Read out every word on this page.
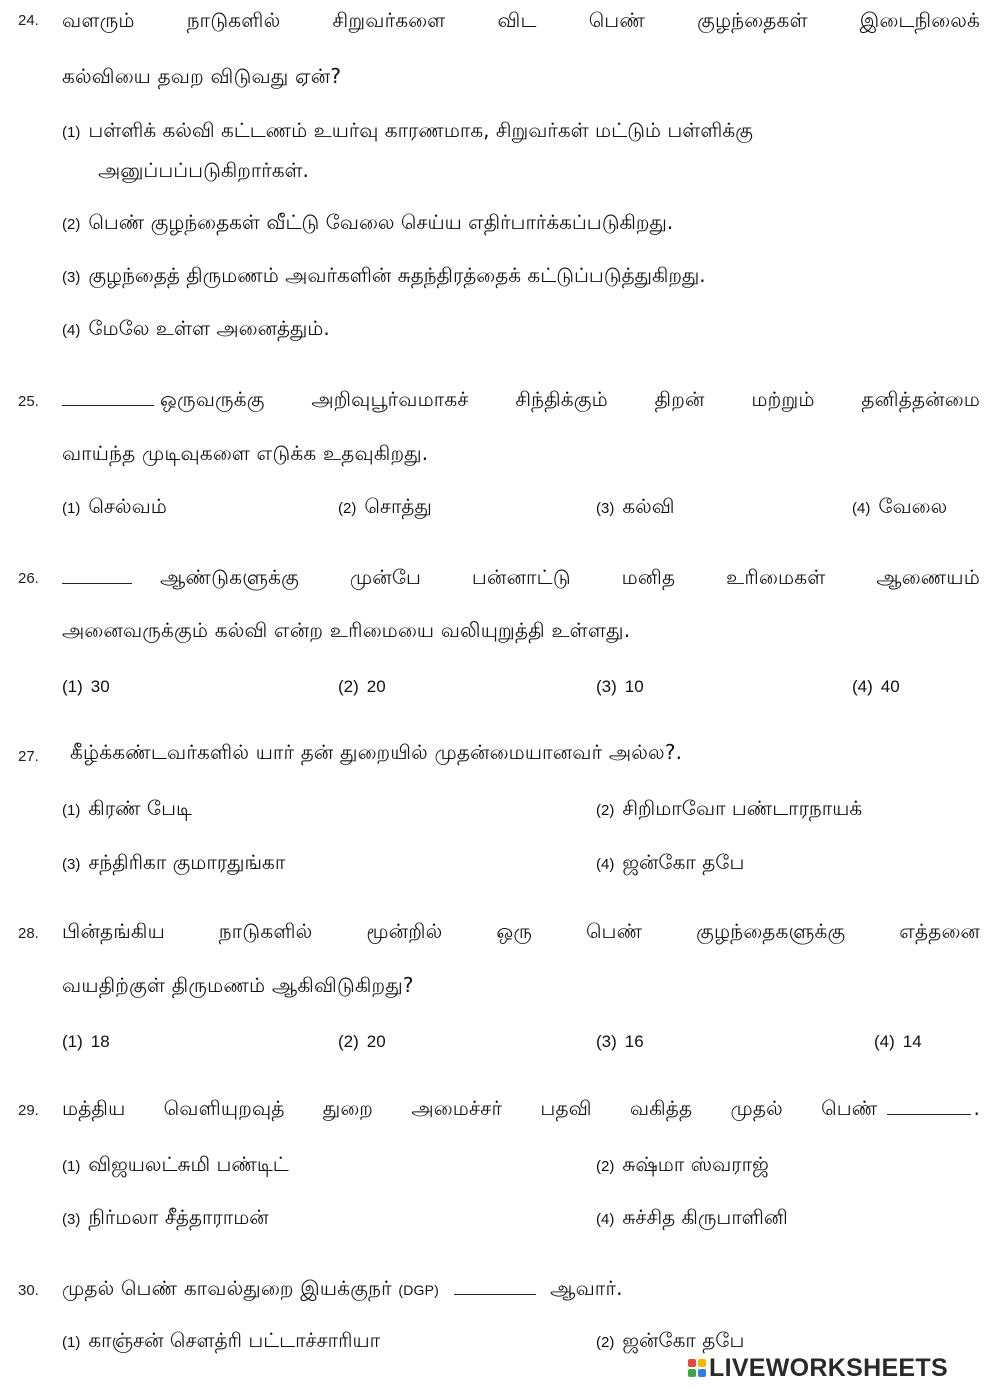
24. வளரும் நாடுகளில் சிறுவர்களை விட பெண் குழந்தைகள் இடைநிலைக்
கல்வியை தவற விடுவது ஏன்?
(1) பள்ளிக் கல்வி கட்டணம் உயர்வு காரணமாக, சிறுவர்கள் மட்டும் பள்ளிக்கு
அனுப்பப்படுகிறார்கள்.
(2) பெண் குழந்தைகள் வீட்டு வேலை செய்ய எதிர்பார்க்கப்படுகிறது.
(3) குழந்தைத் திருமணம் அவர்களின் சுதந்திரத்தைக் கட்டுப்படுத்துகிறது.
(4) மேலே உள்ள அனைத்தும்.
25.	ஒருவருக்கு அறிவுபூர்வமாகச் சிந்திக்கும் திறன் மற்றும் தனித்தன்மை
வாய்ந்த முடிவுகளை எடுக்க உதவுகிறது.
(1) செல்வம்	(2) சொத்து	(3) கல்வி	(4) வேலை
26.	ஆண்டுகளுக்கு முன்பே பன்னாட்டு மனித உரிமைகள் ஆணையம்
அனைவருக்கும் கல்வி என்ற உரிமையை வலியுறுத்தி உள்ளது.
(1) 30	(2) 20	(3) 10	(4) 40
27. கீழ்க்கண்டவர்களில் யார் தன் துறையில் முதன்மையானவர் அல்ல?.
(1) கிரண் பேடி	(2) சிறிமாவோ பண்டாரநாயக்
(3) சந்திரிகா குமாரதுங்கா	(4) ஜன்கோ தபே
28. பின்தங்கிய நாடுகளில் மூன்றில் ஒரு பெண் குழந்தைகளுக்கு எத்தனை
வயதிற்குள் திருமணம் ஆகிவிடுகிறது?
(1) 18	(2) 20	(3) 16	(4) 14
29. மத்திய வெளியுறவுத் துறை அமைச்சர் பதவி வகித்த முதல் பெண்	.
(1) விஜயலட்சுமி பண்டிட்	(2) சுஷ்மா ஸ்வராஜ்
(3) நிர்மலா சீத்தாராமன்	(4) சுச்சித கிருபாளினி
30. முதல் பெண் காவல்துறை இயக்குநர் (DGP)	ஆவார்.
(1) காஞ்சன் சௌத்ரி பட்டாச்சாரியா	(2) ஜன்கோ தபே
LIVEWORKSHEETS
